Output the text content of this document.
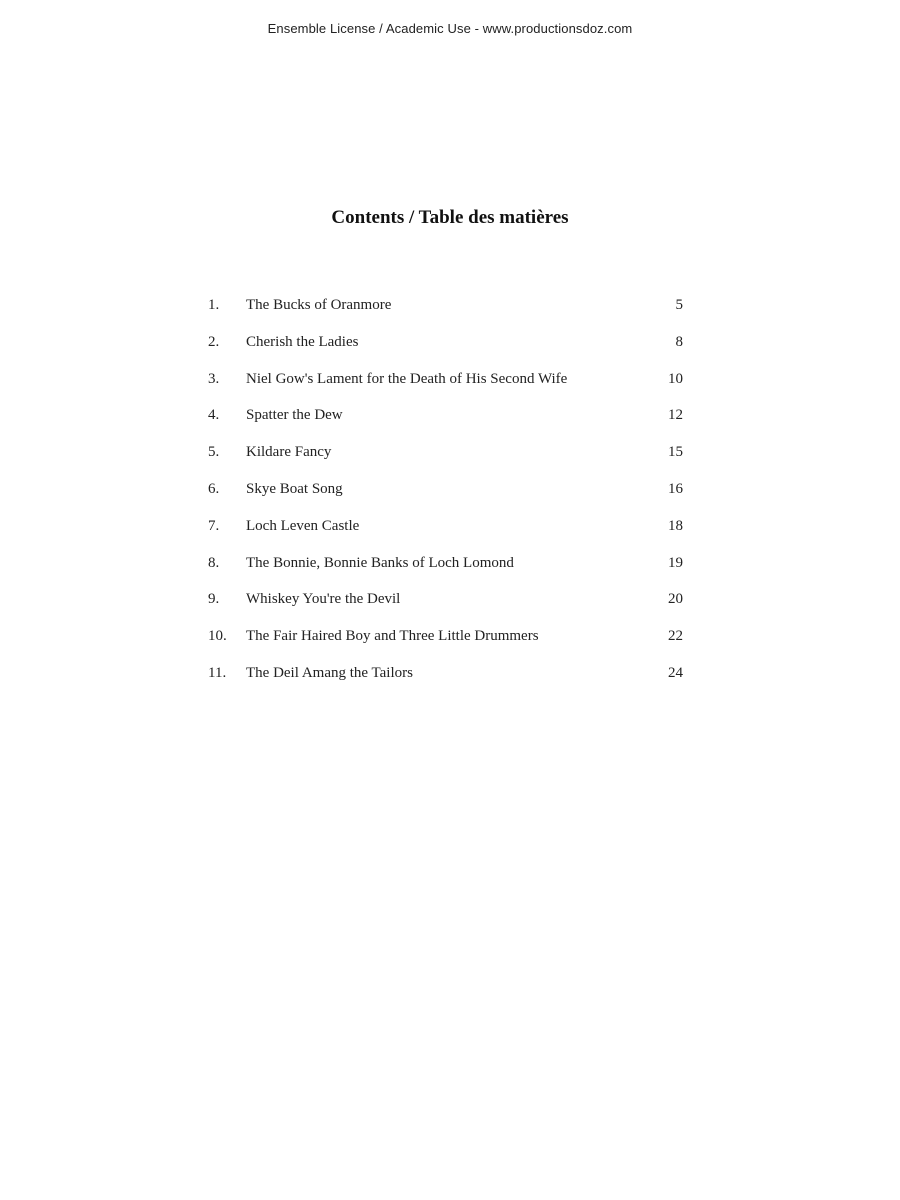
Ensemble License / Academic Use - www.productionsdoz.com
Contents / Table des matières
1.	The Bucks of Oranmore	5
2.	Cherish the Ladies	8
3.	Niel Gow's Lament for the Death of His Second Wife	10
4.	Spatter the Dew	12
5.	Kildare Fancy	15
6.	Skye Boat Song	16
7.	Loch Leven Castle	18
8.	The Bonnie, Bonnie Banks of Loch Lomond	19
9.	Whiskey You're the Devil	20
10.	The Fair Haired Boy and Three Little Drummers	22
11.	The Deil Amang the Tailors	24
